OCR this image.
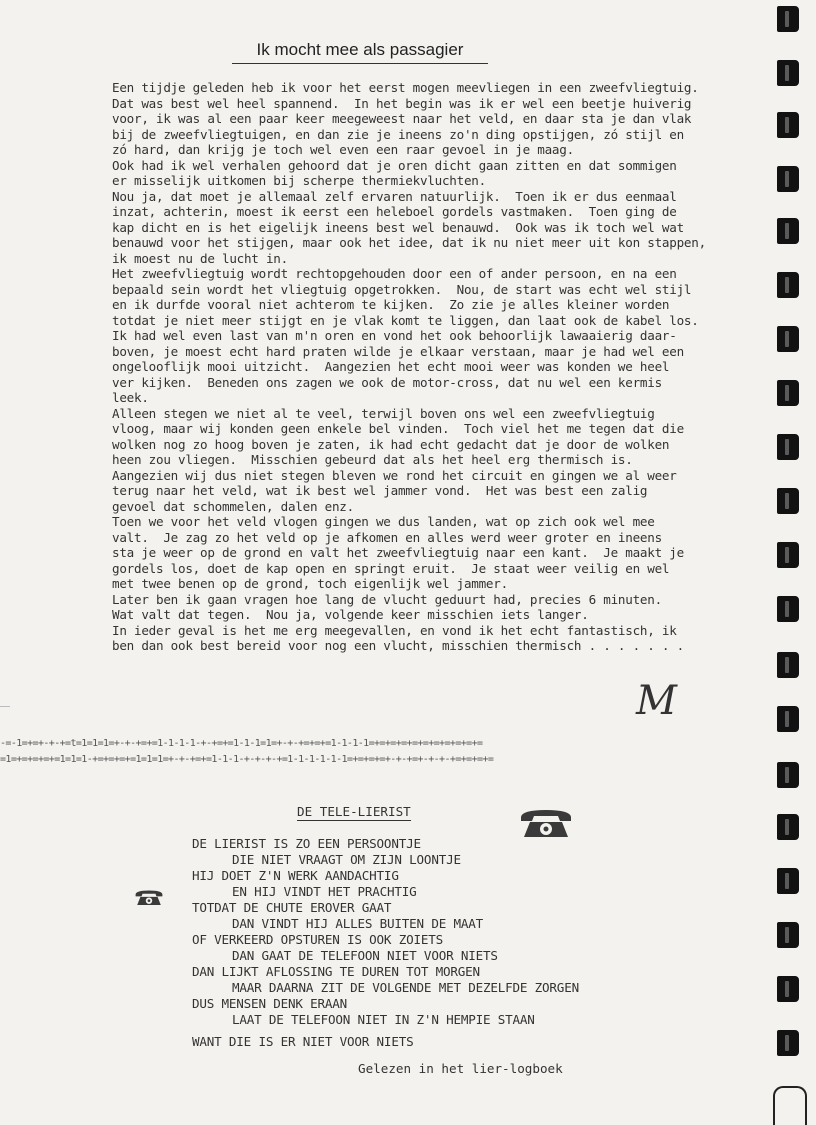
Ik mocht mee als passagier
Een tijdje geleden heb ik voor het eerst mogen meevliegen in een zweefvliegtuig.
Dat was best wel heel spannend.  In het begin was ik er wel een beetje huiverig
voor, ik was al een paar keer meegeweest naar het veld, en daar sta je dan vlak
bij de zweefvliegtuigen, en dan zie je ineens zo'n ding opstijgen, zó stijl en
zó hard, dan krijg je toch wel even een raar gevoel in je maag.
Ook had ik wel verhalen gehoord dat je oren dicht gaan zitten en dat sommigen
er misselijk uitkomen bij scherpe thermiekvluchten.
Nou ja, dat moet je allemaal zelf ervaren natuurlijk.  Toen ik er dus eenmaal
inzat, achterin, moest ik eerst een heleboel gordels vastmaken.  Toen ging de
kap dicht en is het eigelijk ineens best wel benauwd.  Ook was ik toch wel wat
benauwd voor het stijgen, maar ook het idee, dat ik nu niet meer uit kon stappen,
ik moest nu de lucht in.
Het zweefvliegtuig wordt rechtopgehouden door een of ander persoon, en na een
bepaald sein wordt het vliegtuig opgetrokken.  Nou, de start was echt wel stijl
en ik durfde vooral niet achterom te kijken.  Zo zie je alles kleiner worden
totdat je niet meer stijgt en je vlak komt te liggen, dan laat ook de kabel los.
Ik had wel even last van m'n oren en vond het ook behoorlijk lawaaierig daar-
boven, je moest echt hard praten wilde je elkaar verstaan, maar je had wel een
ongelooflijk mooi uitzicht.  Aangezien het echt mooi weer was konden we heel
ver kijken.  Beneden ons zagen we ook de motor-cross, dat nu wel een kermis
leek.
Alleen stegen we niet al te veel, terwijl boven ons wel een zweefvliegtuig
vloog, maar wij konden geen enkele bel vinden.  Toch viel het me tegen dat die
wolken nog zo hoog boven je zaten, ik had echt gedacht dat je door de wolken
heen zou vliegen.  Misschien gebeurd dat als het heel erg thermisch is.
Aangezien wij dus niet stegen bleven we rond het circuit en gingen we al weer
terug naar het veld, wat ik best wel jammer vond.  Het was best een zalig
gevoel dat schommelen, dalen enz.
Toen we voor het veld vlogen gingen we dus landen, wat op zich ook wel mee
valt.  Je zag zo het veld op je afkomen en alles werd weer groter en ineens
sta je weer op de grond en valt het zweefvliegtuig naar een kant.  Je maakt je
gordels los, doet de kap open en springt eruit.  Je staat weer veilig en wel
met twee benen op de grond, toch eigenlijk wel jammer.
Later ben ik gaan vragen hoe lang de vlucht geduurt had, precies 6 minuten.
Wat valt dat tegen.  Nou ja, volgende keer misschien iets langer.
In ieder geval is het me erg meegevallen, en vond ik het echt fantastisch, ik
ben dan ook best bereid voor nog een vlucht, misschien thermisch . . . . . . .
M
-=-1=+=+-+-+=t=1=1=1=+-+-+=+=1-1-1-1-+-+=+=1-1-1=1=+-+-+=+=+=1-1-1-1=+=+=+=+=+=+=+=+=+=+=
=1=+=+=+=+=1=1=1-+=+=+=+=1=1=1=+-+-+=+=1-1-1-+-+-+-+=1-1-1-1-1-1=+=+=+=+-+-+=+-+-+-+=+=+=+=
DE TELE-LIERIST
DE LIERIST IS ZO EEN PERSOONTJE
DIE NIET VRAAGT OM ZIJN LOONTJE
HIJ DOET Z'N WERK AANDACHTIG
EN HIJ VINDT HET PRACHTIG
TOTDAT DE CHUTE EROVER GAAT
DAN VINDT HIJ ALLES BUITEN DE MAAT
OF VERKEERD OPSTUREN IS OOK ZOIETS
DAN GAAT DE TELEFOON NIET VOOR NIETS
DAN LIJKT AFLOSSING TE DUREN TOT MORGEN
MAAR DAARNA ZIT DE VOLGENDE MET DEZELFDE ZORGEN
DUS MENSEN DENK ERAAN
LAAT DE TELEFOON NIET IN Z'N HEMPIE STAAN
WANT DIE IS ER NIET VOOR NIETS
Gelezen in het lier-logboek
